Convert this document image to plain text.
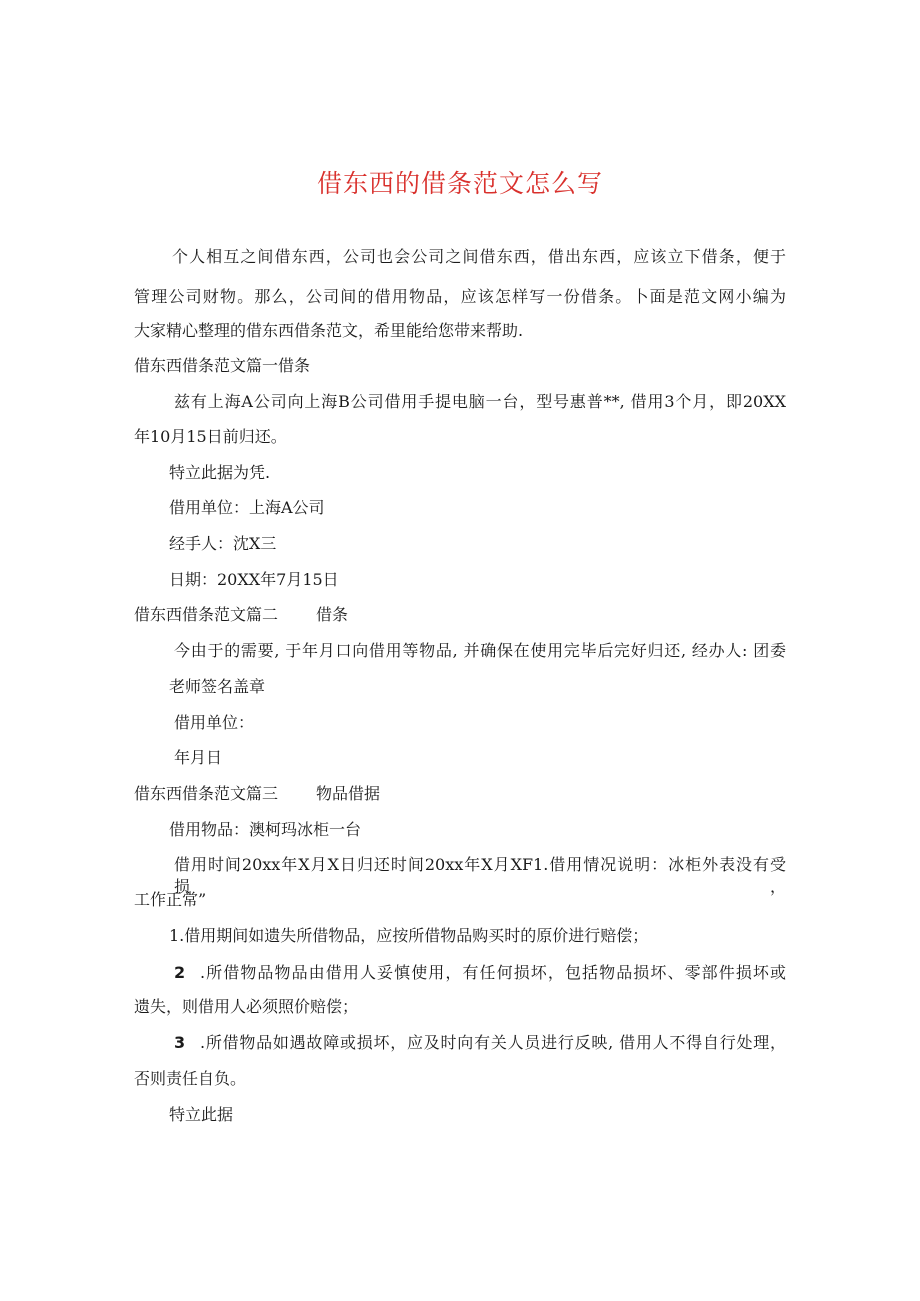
借东西的借条范文怎么写
个人相互之间借东西，公司也会公司之间借东西，借出东西，应该立下借条，便于
管理公司财物。那么，公司间的借用物品，应该怎样写一份借条。卜面是范文网小编为
大家精心整理的借东西借条范文，希里能给您带来帮助.
借东西借条范文篇一借条
兹有上海A公司向上海B公司借用手提电脑一台，型号惠普**, 借用3个月，即20XX
年10月15日前归还。
特立此据为凭.
借用单位：上海A公司
经手人：沈X三
日期：20XX年7月15日
借东西借条范文篇二 借条
今由于的需要, 于年月口向借用等物品, 并确保在使用完毕后完好归还, 经办人: 团委
老师签名盖章
借用单位：
年月日
借东西借条范文篇三 物品借据
借用物品：澳柯玛冰柜一台
借用时间20xx年X月X日归还时间20xx年X月XF1.借用情况说明：冰柜外表没有受损，
工作正常”
1.借用期间如遗失所借物品，应按所借物品购买时的原价进行赔偿；
2 .所借物品物品由借用人妥慎使用，有任何损坏，包括物品损坏、零部件损坏或
遗失，则借用人必须照价赔偿；
3 .所借物品如遇故障或损坏，应及时向有关人员进行反映, 借用人不得自行处理，
否则责任自负。
特立此据
